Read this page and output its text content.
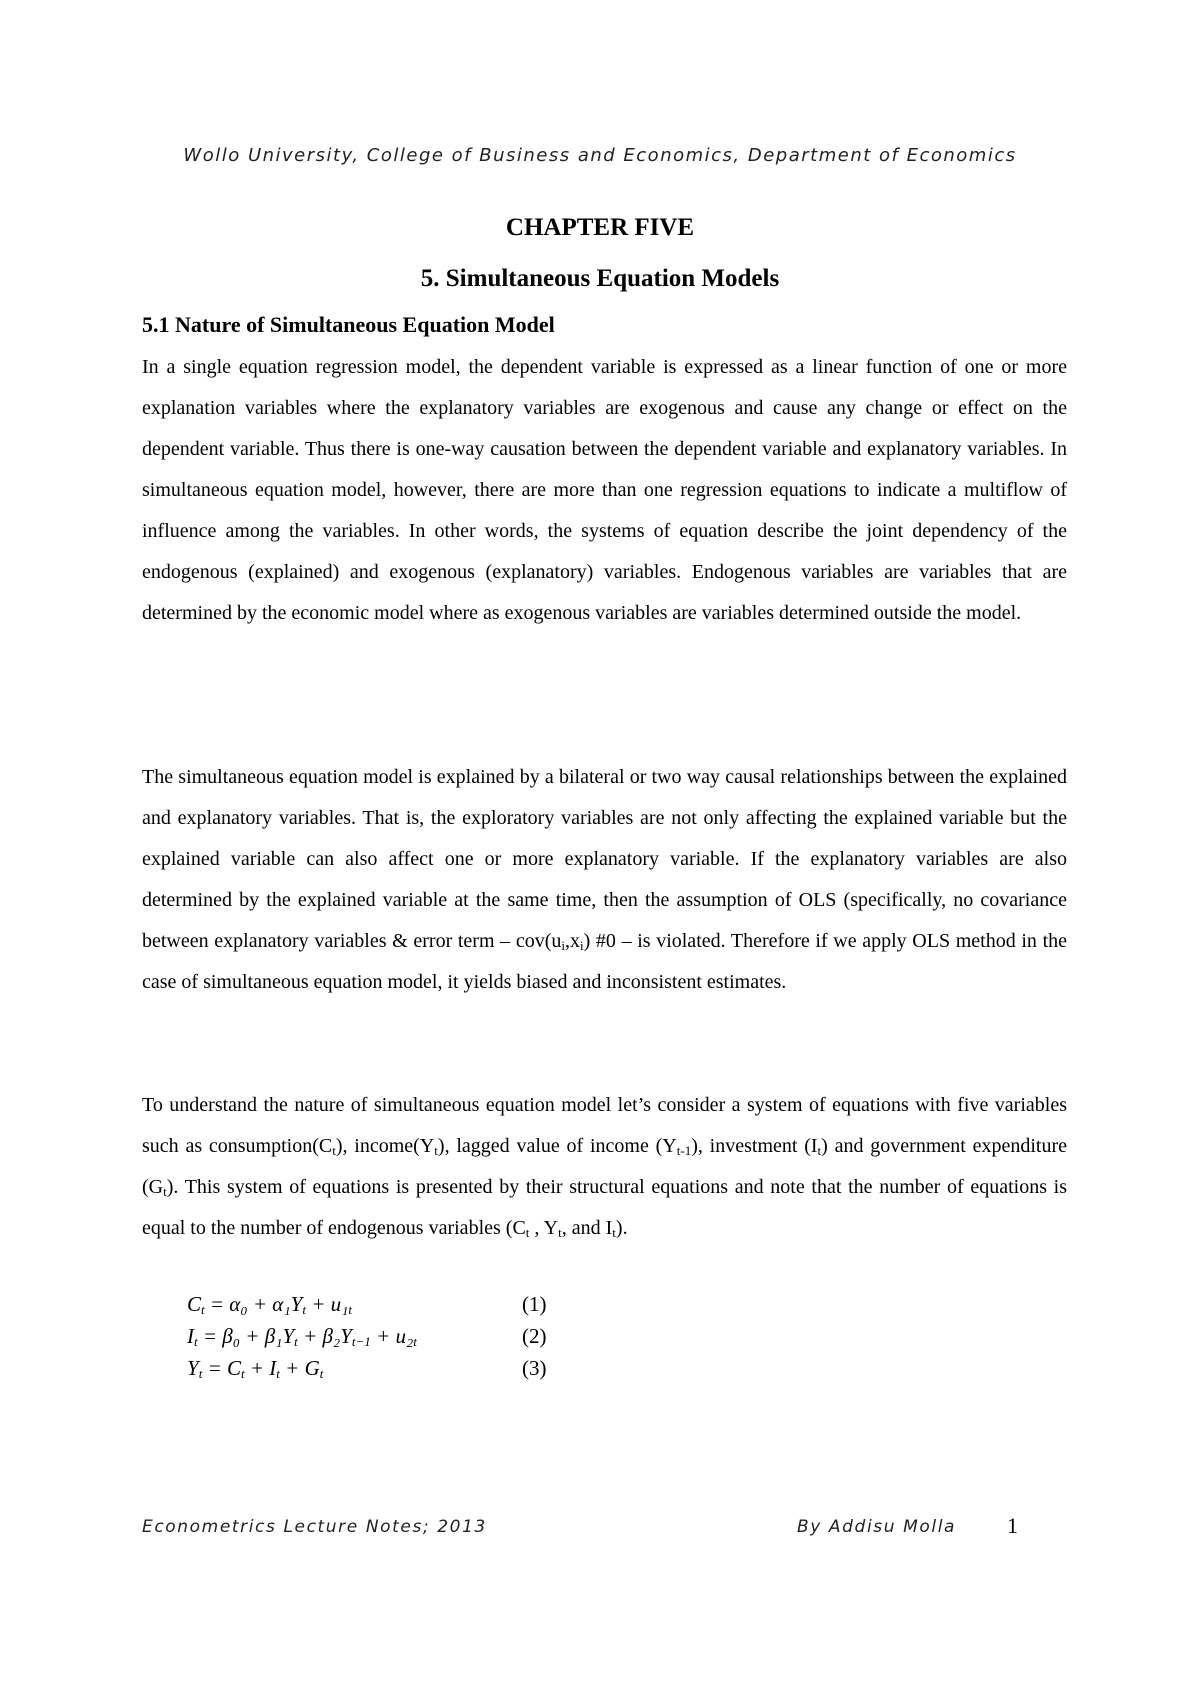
Wollo University, College of Business and Economics, Department of Economics
CHAPTER FIVE
5. Simultaneous Equation Models
5.1 Nature of Simultaneous Equation Model

In a single equation regression model, the dependent variable is expressed as a linear function of one or more explanation variables where the explanatory variables are exogenous and cause any change or effect on the dependent variable. Thus there is one-way causation between the dependent variable and explanatory variables. In simultaneous equation model, however, there are more than one regression equations to indicate a multiflow of influence among the variables. In other words, the systems of equation describe the joint dependency of the endogenous (explained) and exogenous (explanatory) variables. Endogenous variables are variables that are determined by the economic model where as exogenous variables are variables determined outside the model.

The simultaneous equation model is explained by a bilateral or two way causal relationships between the explained and explanatory variables. That is, the exploratory variables are not only affecting the explained variable but the explained variable can also affect one or more explanatory variable. If the explanatory variables are also determined by the explained variable at the same time, then the assumption of OLS (specifically, no covariance between explanatory variables & error term – $cov(u_i,x_i)$ #0 – is violated. Therefore if we apply OLS method in the case of simultaneous equation model, it yields biased and inconsistent estimates.

To understand the nature of simultaneous equation model let’s consider a system of equations with five variables such as $consumption(C_t)$, $income(Y_t)$, lagged value of income $(Y_{t-1})$, investment $(I_t)$ and government expenditure $(G_t)$. This system of equations is presented by their structural equations and note that the number of equations is equal to the number of endogenous variables ($C_t$ , $Y_t$, and $I_t$).

$C_t = \alpha_0 + \alpha_1Y_t + u_1_t$	(1)
$I_t = \beta_0 + \beta_1Y_t + \beta_2Y_{t-1} + u_2_t$	(2)
$Y_t = C_t + I_t + G_t$	(3)
Econometrics Lecture Notes; 2013	By Addisu Molla 1
